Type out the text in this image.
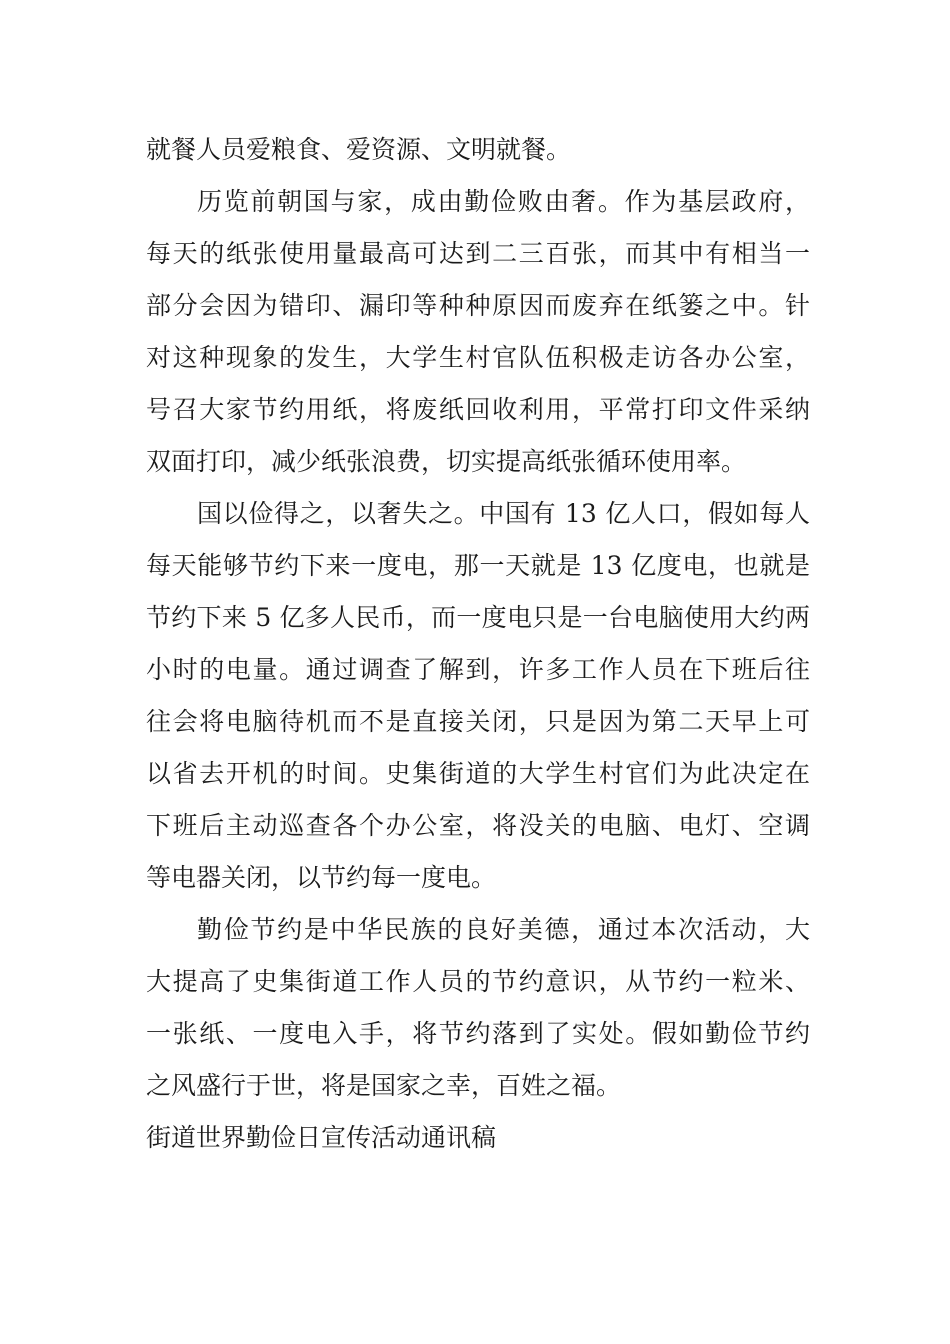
就餐人员爱粮食、爱资源、文明就餐。
历览前朝国与家，成由勤俭败由奢。作为基层政府，
每天的纸张使用量最高可达到二三百张，而其中有相当一
部分会因为错印、漏印等种种原因而废弃在纸篓之中。针
对这种现象的发生，大学生村官队伍积极走访各办公室，
号召大家节约用纸，将废纸回收利用，平常打印文件采纳
双面打印，减少纸张浪费，切实提高纸张循环使用率。
国以俭得之，以奢失之。中国有 13 亿人口，假如每人
每天能够节约下来一度电，那一天就是 13 亿度电，也就是
节约下来 5 亿多人民币，而一度电只是一台电脑使用大约两
小时的电量。通过调查了解到，许多工作人员在下班后往
往会将电脑待机而不是直接关闭，只是因为第二天早上可
以省去开机的时间。史集街道的大学生村官们为此决定在
下班后主动巡查各个办公室，将没关的电脑、电灯、空调
等电器关闭，以节约每一度电。
勤俭节约是中华民族的良好美德，通过本次活动，大
大提高了史集街道工作人员的节约意识，从节约一粒米、
一张纸、一度电入手，将节约落到了实处。假如勤俭节约
之风盛行于世，将是国家之幸，百姓之福。
街道世界勤俭日宣传活动通讯稿
